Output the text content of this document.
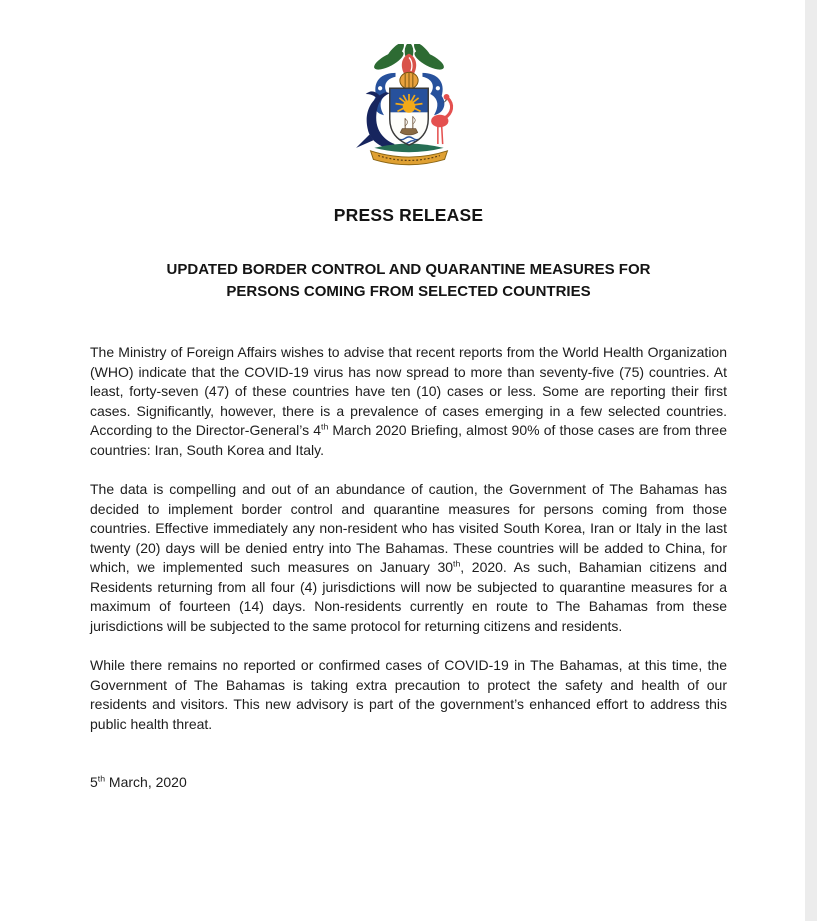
PRESS RELEASE
UPDATED BORDER CONTROL AND QUARANTINE MEASURES FOR
PERSONS COMING FROM SELECTED COUNTRIES

The Ministry of Foreign Affairs wishes to advise that recent reports from the World Health Organization (WHO) indicate that the COVID-19 virus has now spread to more than seventy-five (75) countries. At least, forty-seven (47) of these countries have ten (10) cases or less. Some are reporting their first cases. Significantly, however, there is a prevalence of cases emerging in a few selected countries. According to the Director-General’s 4th March 2020 Briefing, almost 90% of those cases are from three countries: Iran, South Korea and Italy.

The data is compelling and out of an abundance of caution, the Government of The Bahamas has decided to implement border control and quarantine measures for persons coming from those countries. Effective immediately any non-resident who has visited South Korea, Iran or Italy in the last twenty (20) days will be denied entry into The Bahamas. These countries will be added to China, for which, we implemented such measures on January 30th, 2020. As such, Bahamian citizens and Residents returning from all four (4) jurisdictions will now be subjected to quarantine measures for a maximum of fourteen (14) days. Non-residents currently en route to The Bahamas from these jurisdictions will be subjected to the same protocol for returning citizens and residents.

While there remains no reported or confirmed cases of COVID-19 in The Bahamas, at this time, the Government of The Bahamas is taking extra precaution to protect the safety and health of our residents and visitors. This new advisory is part of the government’s enhanced effort to address this public health threat.

5th March, 2020
